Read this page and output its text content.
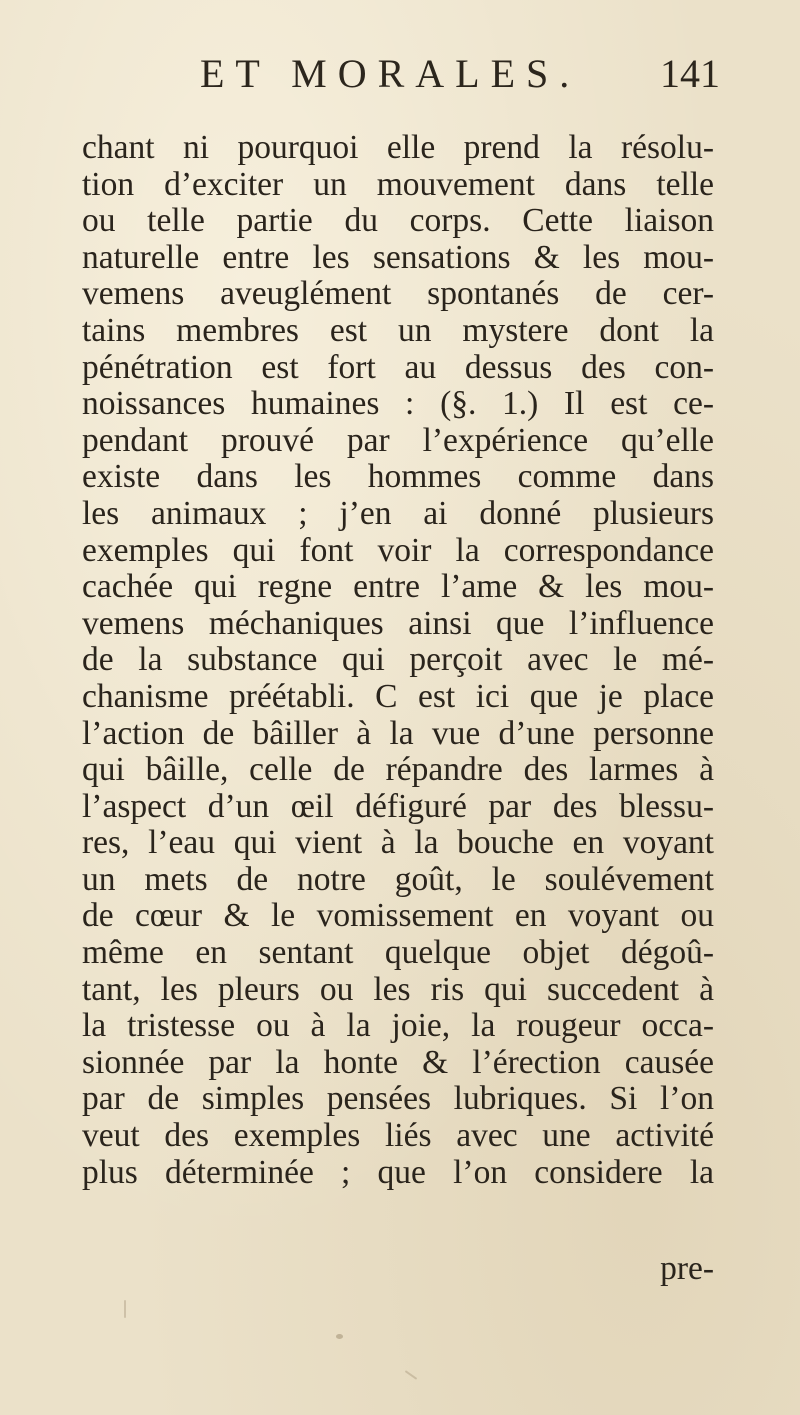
ET MORALES. 141
chant ni pourquoi elle prend la résolu-
tion d’exciter un mouvement dans telle
ou telle partie du corps. Cette liaison
naturelle entre les sensations & les mou-
vemens aveuglément spontanés de cer-
tains membres est un mystere dont la
pénétration est fort au dessus des con-
noissances humaines : (§. 1.) Il est ce-
pendant prouvé par l’expérience qu’elle
existe dans les hommes comme dans
les animaux ; j’en ai donné plusieurs
exemples qui font voir la correspondance
cachée qui regne entre l’ame & les mou-
vemens méchaniques ainsi que l’influence
de la substance qui perçoit avec le mé-
chanisme préétabli. C est ici que je place
l’action de bâiller à la vue d’une personne
qui bâille, celle de répandre des larmes à
l’aspect d’un œil défiguré par des blessu-
res, l’eau qui vient à la bouche en voyant
un mets de notre goût, le soulévement
de cœur & le vomissement en voyant ou
même en sentant quelque objet dégoû-
tant, les pleurs ou les ris qui succedent à
la tristesse ou à la joie, la rougeur occa-
sionnée par la honte & l’érection causée
par de simples pensées lubriques. Si l’on
veut des exemples liés avec une activité
plus déterminée ; que l’on considere la
pre-
